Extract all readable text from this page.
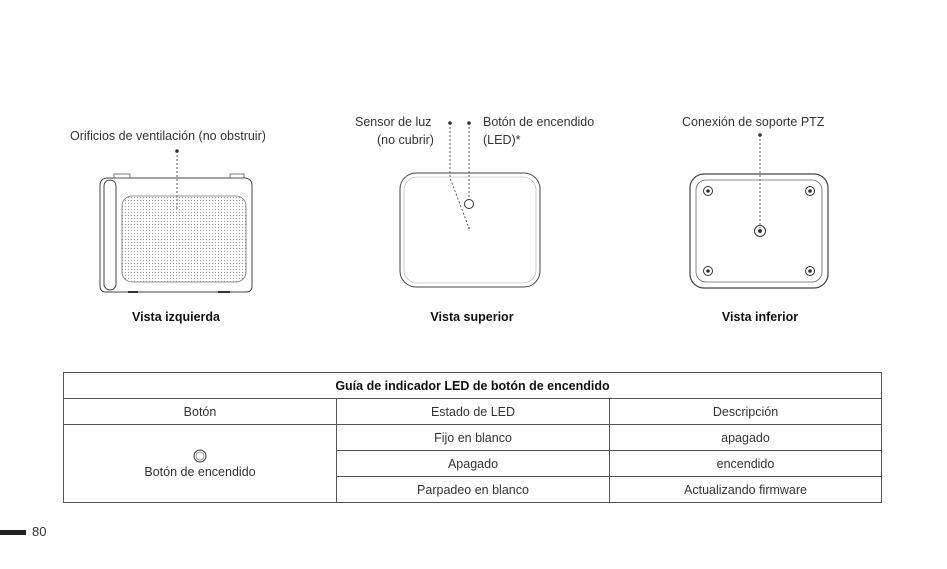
Orificios de ventilación (no obstruir)
Vista izquierda
Sensor de luz
(no cubrir)
Botón de encendido
(LED)*
Vista superior
Conexión de soporte PTZ
Vista inferior
Guía de indicador LED de botón de encendido		
Botón	Estado de LED	Descripción

Botón de encendido	Fijo en blanco	apagado
	Apagado	encendido
	Parpadeo en blanco	Actualizando firmware
80
